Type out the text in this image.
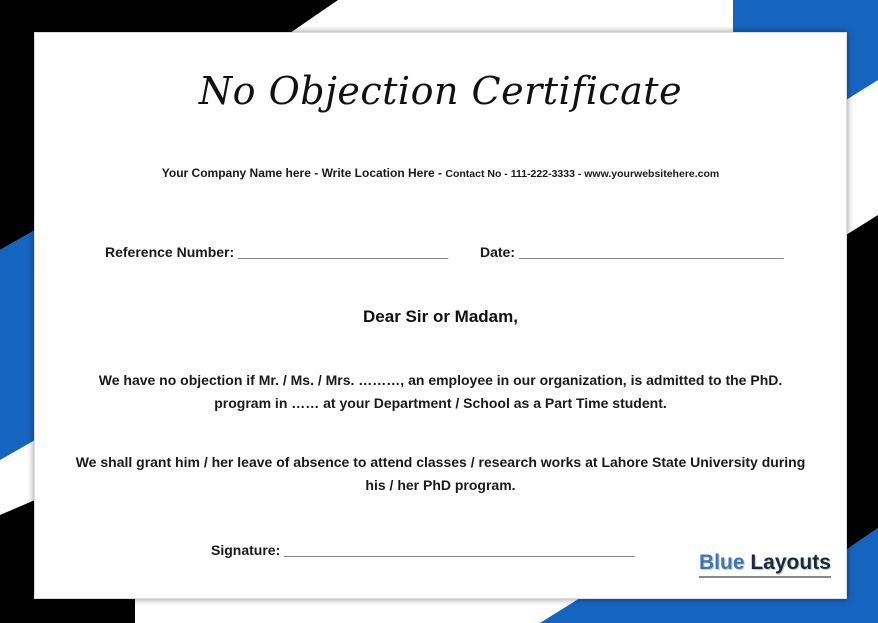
No Objection Certificate
Your Company Name here - Write Location Here - Contact No - 111-222-3333 - www.yourwebsitehere.com
Reference Number: ___________________________ Date: __________________________________
Dear Sir or Madam,
We have no objection if Mr. / Ms. / Mrs. ………, an employee in our organization, is admitted to the PhD. program in …… at your Department / School as a Part Time student.
We shall grant him / her leave of absence to attend classes / research works at Lahore State University during his / her PhD program.
Signature: _____________________________________________
Blue Layouts
